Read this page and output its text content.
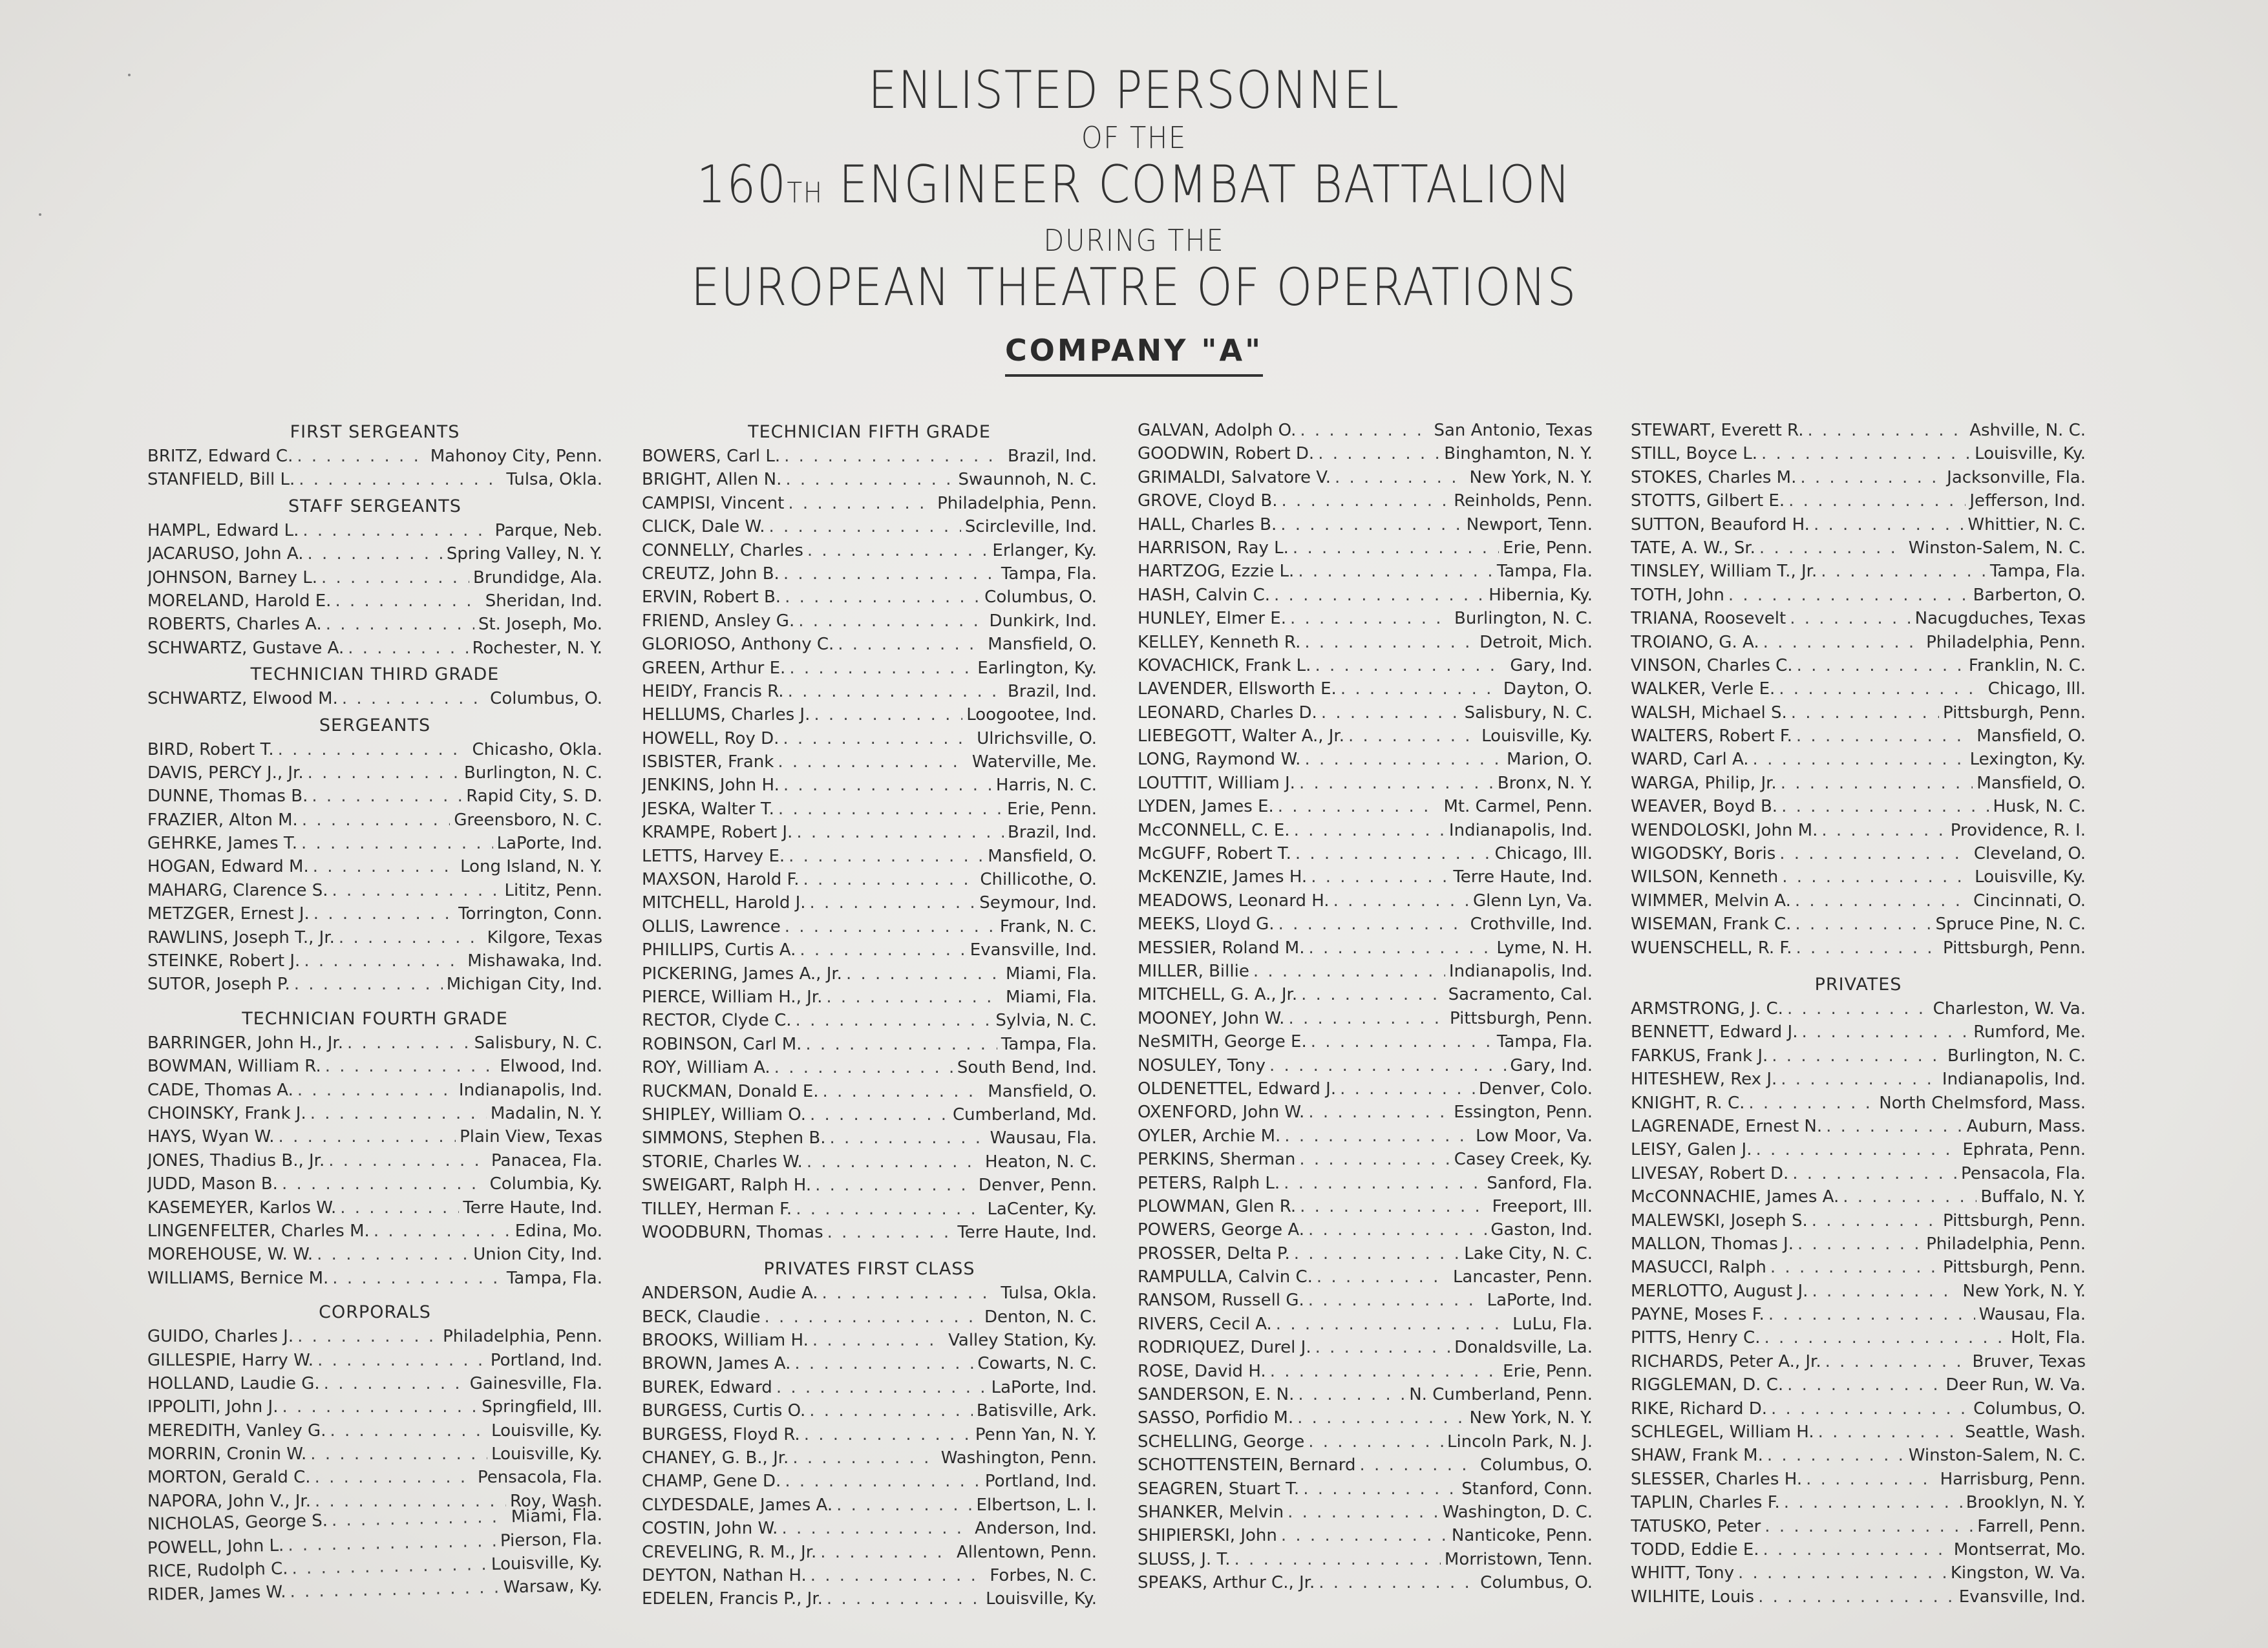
ENLISTED PERSONNEL
OF THE
160TH ENGINEER COMBAT BATTALION
DURING THE
EUROPEAN THEATRE OF OPERATIONS
COMPANY "A"
FIRST SERGEANTS
BRITZ, Edward C. . . .	Mahonoy City, Penn.
STANFIELD, Bill L. . . .	Tulsa, Okla.
STAFF SERGEANTS
HAMPL, Edward L. . . .	Parque, Neb.
JACARUSO, John A. . . .	Spring Valley, N. Y.
JOHNSON, Barney L. . . .	Brundidge, Ala.
MORELAND, Harold E. . . .	Sheridan, Ind.
ROBERTS, Charles A. . . .	St. Joseph, Mo.
SCHWARTZ, Gustave A. . . .	Rochester, N. Y.
TECHNICIAN THIRD GRADE
SCHWARTZ, Elwood M. . . .	Columbus, O.
SERGEANTS
BIRD, Robert T. . . .	Chicasho, Okla.
DAVIS, PERCY J., Jr. . . .	Burlington, N. C.
DUNNE, Thomas B. . . .	Rapid City, S. D.
FRAZIER, Alton M. . . .	Greensboro, N. C.
GEHRKE, James T. . . .	LaPorte, Ind.
HOGAN, Edward M. . . .	Long Island, N. Y.
MAHARG, Clarence S. . . .	Lititz, Penn.
METZGER, Ernest J. . . .	Torrington, Conn.
RAWLINS, Joseph T., Jr. . . .	Kilgore, Texas
STEINKE, Robert J. . . .	Mishawaka, Ind.
SUTOR, Joseph P. . . .	Michigan City, Ind.
TECHNICIAN FOURTH GRADE
BARRINGER, John H., Jr. . . .	Salisbury, N. C.
BOWMAN, William R. . . .	Elwood, Ind.
CADE, Thomas A. . . .	Indianapolis, Ind.
CHOINSKY, Frank J. . . .	Madalin, N. Y.
HAYS, Wyan W. . . .	Plain View, Texas
JONES, Thadius B., Jr. . . .	Panacea, Fla.
JUDD, Mason B. . . .	Columbia, Ky.
KASEMEYER, Karlos W. . . .	Terre Haute, Ind.
LINGENFELTER, Charles M. . . .	Edina, Mo.
MOREHOUSE, W. W. . . .	Union City, Ind.
WILLIAMS, Bernice M. . . .	Tampa, Fla.
CORPORALS
GUIDO, Charles J. . . .	Philadelphia, Penn.
GILLESPIE, Harry W. . . .	Portland, Ind.
HOLLAND, Laudie G. . . .	Gainesville, Fla.
IPPOLITI, John J. . . .	Springfield, Ill.
MEREDITH, Vanley G. . . .	Louisville, Ky.
MORRIN, Cronin W. . . .	Louisville, Ky.
MORTON, Gerald C. . . .	Pensacola, Fla.
NAPORA, John V., Jr. . . .	Roy, Wash.
NICHOLAS, George S. . . .	Miami, Fla.
POWELL, John L. . . .	Pierson, Fla.
RICE, Rudolph C. . . .	Louisville, Ky.
RIDER, James W. . . .	Warsaw, Ky.
TECHNICIAN FIFTH GRADE
BOWERS, Carl L. . . .	Brazil, Ind.
BRIGHT, Allen N. . . .	Swaunnoh, N. C.
CAMPISI, Vincent . . .	Philadelphia, Penn.
CLICK, Dale W. . . .	Scircleville, Ind.
CONNELLY, Charles . . .	Erlanger, Ky.
CREUTZ, John B. . . .	Tampa, Fla.
ERVIN, Robert B. . . .	Columbus, O.
FRIEND, Ansley G. . . .	Dunkirk, Ind.
GLORIOSO, Anthony C. . . .	Mansfield, O.
GREEN, Arthur E. . . .	Earlington, Ky.
HEIDY, Francis R. . . .	Brazil, Ind.
HELLUMS, Charles J. . . .	Loogootee, Ind.
HOWELL, Roy D. . . .	Ulrichsville, O.
ISBISTER, Frank . . .	Waterville, Me.
JENKINS, John H. . . .	Harris, N. C.
JESKA, Walter T. . . .	Erie, Penn.
KRAMPE, Robert J. . . .	Brazil, Ind.
LETTS, Harvey E. . . .	Mansfield, O.
MAXSON, Harold F. . . .	Chillicothe, O.
MITCHELL, Harold J. . . .	Seymour, Ind.
OLLIS, Lawrence . . .	Frank, N. C.
PHILLIPS, Curtis A. . . .	Evansville, Ind.
PICKERING, James A., Jr. . . .	Miami, Fla.
PIERCE, William H., Jr. . . .	Miami, Fla.
RECTOR, Clyde C. . . .	Sylvia, N. C.
ROBINSON, Carl M. . . .	Tampa, Fla.
ROY, William A. . . .	South Bend, Ind.
RUCKMAN, Donald E. . . .	Mansfield, O.
SHIPLEY, William O. . . .	Cumberland, Md.
SIMMONS, Stephen B. . . .	Wausau, Fla.
STORIE, Charles W. . . .	Heaton, N. C.
SWEIGART, Ralph H. . . .	Denver, Penn.
TILLEY, Herman F. . . .	LaCenter, Ky.
WOODBURN, Thomas . . .	Terre Haute, Ind.
PRIVATES FIRST CLASS
ANDERSON, Audie A. . . .	Tulsa, Okla.
BECK, Claudie . . .	Denton, N. C.
BROOKS, William H. . . .	Valley Station, Ky.
BROWN, James A. . . .	Cowarts, N. C.
BUREK, Edward . . .	LaPorte, Ind.
BURGESS, Curtis O. . . .	Batisville, Ark.
BURGESS, Floyd R. . . .	Penn Yan, N. Y.
CHANEY, G. B., Jr. . . .	Washington, Penn.
CHAMP, Gene D. . . .	Portland, Ind.
CLYDESDALE, James A. . . .	Elbertson, L. I.
COSTIN, John W. . . .	Anderson, Ind.
CREVELING, R. M., Jr. . . .	Allentown, Penn.
DEYTON, Nathan H. . . .	Forbes, N. C.
EDELEN, Francis P., Jr. . . .	Louisville, Ky.
GALVAN, Adolph O. . . .	San Antonio, Texas
GOODWIN, Robert D. . . .	Binghamton, N. Y.
GRIMALDI, Salvatore V. . . .	New York, N. Y.
GROVE, Cloyd B. . . .	Reinholds, Penn.
HALL, Charles B. . . .	Newport, Tenn.
HARRISON, Ray L. . . .	Erie, Penn.
HARTZOG, Ezzie L. . . .	Tampa, Fla.
HASH, Calvin C. . . .	Hibernia, Ky.
HUNLEY, Elmer E. . . .	Burlington, N. C.
KELLEY, Kenneth R. . . .	Detroit, Mich.
KOVACHICK, Frank L. . . .	Gary, Ind.
LAVENDER, Ellsworth E. . . .	Dayton, O.
LEONARD, Charles D. . . .	Salisbury, N. C.
LIEBEGOTT, Walter A., Jr. . . .	Louisville, Ky.
LONG, Raymond W. . . .	Marion, O.
LOUTTIT, William J. . . .	Bronx, N. Y.
LYDEN, James E. . . .	Mt. Carmel, Penn.
McCONNELL, C. E. . . .	Indianapolis, Ind.
McGUFF, Robert T. . . .	Chicago, Ill.
McKENZIE, James H. . . .	Terre Haute, Ind.
MEADOWS, Leonard H. . . .	Glenn Lyn, Va.
MEEKS, Lloyd G. . . .	Crothville, Ind.
MESSIER, Roland M. . . .	Lyme, N. H.
MILLER, Billie . . .	Indianapolis, Ind.
MITCHELL, G. A., Jr. . . .	Sacramento, Cal.
MOONEY, John W. . . .	Pittsburgh, Penn.
NeSMITH, George E. . . .	Tampa, Fla.
NOSULEY, Tony . . .	Gary, Ind.
OLDENETTEL, Edward J. . . .	Denver, Colo.
OXENFORD, John W. . . .	Essington, Penn.
OYLER, Archie M. . . .	Low Moor, Va.
PERKINS, Sherman . . .	Casey Creek, Ky.
PETERS, Ralph L. . . .	Sanford, Fla.
PLOWMAN, Glen R. . . .	Freeport, Ill.
POWERS, George A. . . .	Gaston, Ind.
PROSSER, Delta P. . . .	Lake City, N. C.
RAMPULLA, Calvin C. . . .	Lancaster, Penn.
RANSOM, Russell G. . . .	LaPorte, Ind.
RIVERS, Cecil A. . . .	LuLu, Fla.
RODRIQUEZ, Durel J. . . .	Donaldsville, La.
ROSE, David H. . . .	Erie, Penn.
SANDERSON, E. N. . . .	N. Cumberland, Penn.
SASSO, Porfidio M. . . .	New York, N. Y.
SCHELLING, George . . .	Lincoln Park, N. J.
SCHOTTENSTEIN, Bernard . . .	Columbus, O.
SEAGREN, Stuart T. . . .	Stanford, Conn.
SHANKER, Melvin . . .	Washington, D. C.
SHIPIERSKI, John . . .	Nanticoke, Penn.
SLUSS, J. T. . . .	Morristown, Tenn.
SPEAKS, Arthur C., Jr. . . .	Columbus, O.
STEWART, Everett R. . . .	Ashville, N. C.
STILL, Boyce L. . . .	Louisville, Ky.
STOKES, Charles M. . . .	Jacksonville, Fla.
STOTTS, Gilbert E. . . .	Jefferson, Ind.
SUTTON, Beauford H. . . .	Whittier, N. C.
TATE, A. W., Sr. . . .	Winston-Salem, N. C.
TINSLEY, William T., Jr. . . .	Tampa, Fla.
TOTH, John . . .	Barberton, O.
TRIANA, Roosevelt . . .	Nacugduches, Texas
TROIANO, G. A. . . .	Philadelphia, Penn.
VINSON, Charles C. . . .	Franklin, N. C.
WALKER, Verle E. . . .	Chicago, Ill.
WALSH, Michael S. . . .	Pittsburgh, Penn.
WALTERS, Robert F. . . .	Mansfield, O.
WARD, Carl A. . . .	Lexington, Ky.
WARGA, Philip, Jr. . . .	Mansfield, O.
WEAVER, Boyd B. . . .	Husk, N. C.
WENDOLOSKI, John M. . . .	Providence, R. I.
WIGODSKY, Boris . . .	Cleveland, O.
WILSON, Kenneth . . .	Louisville, Ky.
WIMMER, Melvin A. . . .	Cincinnati, O.
WISEMAN, Frank C. . . .	Spruce Pine, N. C.
WUENSCHELL, R. F. . . .	Pittsburgh, Penn.
PRIVATES
ARMSTRONG, J. C. . . .	Charleston, W. Va.
BENNETT, Edward J. . . .	Rumford, Me.
FARKUS, Frank J. . . .	Burlington, N. C.
HITESHEW, Rex J. . . .	Indianapolis, Ind.
KNIGHT, R. C. . . .	North Chelmsford, Mass.
LAGRENADE, Ernest N. . . .	Auburn, Mass.
LEISY, Galen J. . . .	Ephrata, Penn.
LIVESAY, Robert D. . . .	Pensacola, Fla.
McCONNACHIE, James A. . . .	Buffalo, N. Y.
MALEWSKI, Joseph S. . . .	Pittsburgh, Penn.
MALLON, Thomas J. . . .	Philadelphia, Penn.
MASUCCI, Ralph . . .	Pittsburgh, Penn.
MERLOTTO, August J. . . .	New York, N. Y.
PAYNE, Moses F. . . .	Wausau, Fla.
PITTS, Henry C. . . .	Holt, Fla.
RICHARDS, Peter A., Jr. . . .	Bruver, Texas
RIGGLEMAN, D. C. . . .	Deer Run, W. Va.
RIKE, Richard D. . . .	Columbus, O.
SCHLEGEL, William H. . . .	Seattle, Wash.
SHAW, Frank M. . . .	Winston-Salem, N. C.
SLESSER, Charles H. . . .	Harrisburg, Penn.
TAPLIN, Charles F. . . .	Brooklyn, N. Y.
TATUSKO, Peter . . .	Farrell, Penn.
TODD, Eddie E. . . .	Montserrat, Mo.
WHITT, Tony . . .	Kingston, W. Va.
WILHITE, Louis . . .	Evansville, Ind.
